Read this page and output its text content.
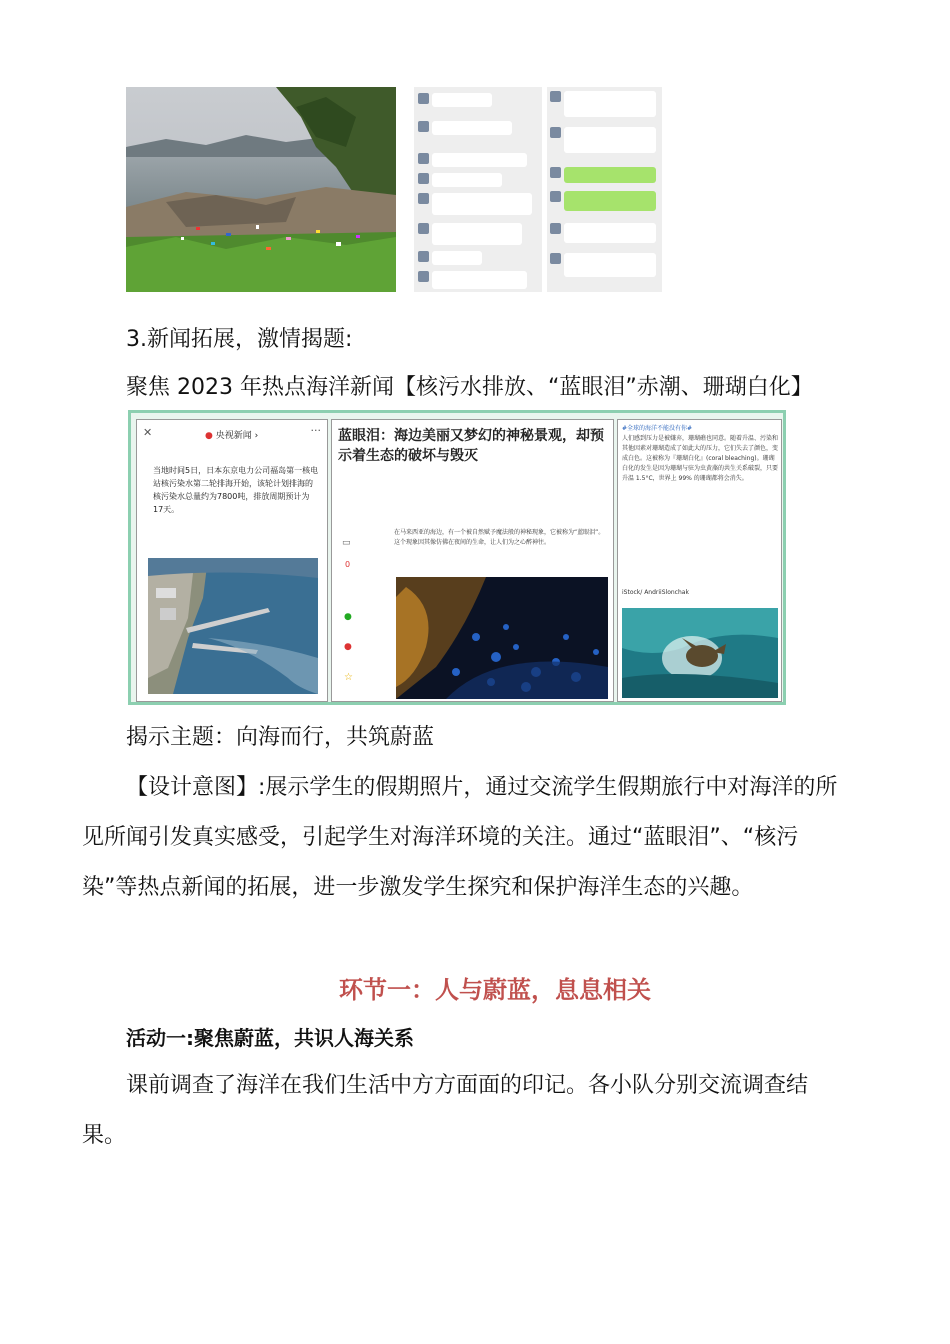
3.新闻拓展，激情揭题:
聚焦 2023 年热点海洋新闻【核污水排放、“蓝眼泪”赤潮、珊瑚白化】
✕	● 央视新闻 ›	···
当地时间5日，日本东京电力公司福岛第一核电站核污染水第二轮排海开始，该轮计划排海的核污染水总量约为7800吨，排放周期预计为17天。
蓝眼泪：海边美丽又梦幻的神秘景观，却预示着生态的破坏与毁灭
▭
0
●
●
☆
在马来西亚的海边，有一个被自然赋予魔法般的神秘现象，它被称为“蓝眼泪”。这个现象因其像仿佛在夜间的生命，让人们为之心醉神往。
#全球的海洋不能没有你#
人们感到压力是被嫌弃，珊瑚礁也同意。随着升温、污染和其他因素对珊瑚造成了如此大的压力，它们失去了颜色，变成白色。这被称为『珊瑚白化』(coral bleaching)。珊瑚白化的发生是因为珊瑚与驻为虫黄藻的共生关系破裂，只要升温 1.5°C，世界上 99% 的珊瑚都将会消失。
iStock/ AndriiSlonchak
揭示主题：向海而行，共筑蔚蓝
【设计意图】:展示学生的假期照片，通过交流学生假期旅行中对海洋的所
见所闻引发真实感受，引起学生对海洋环境的关注。通过“蓝眼泪”、“核污
染”等热点新闻的拓展，进一步激发学生探究和保护海洋生态的兴趣。
环节一：人与蔚蓝，息息相关
活动一:聚焦蔚蓝，共识人海关系
课前调查了海洋在我们生活中方方面面的印记。各小队分别交流调查结
果。
